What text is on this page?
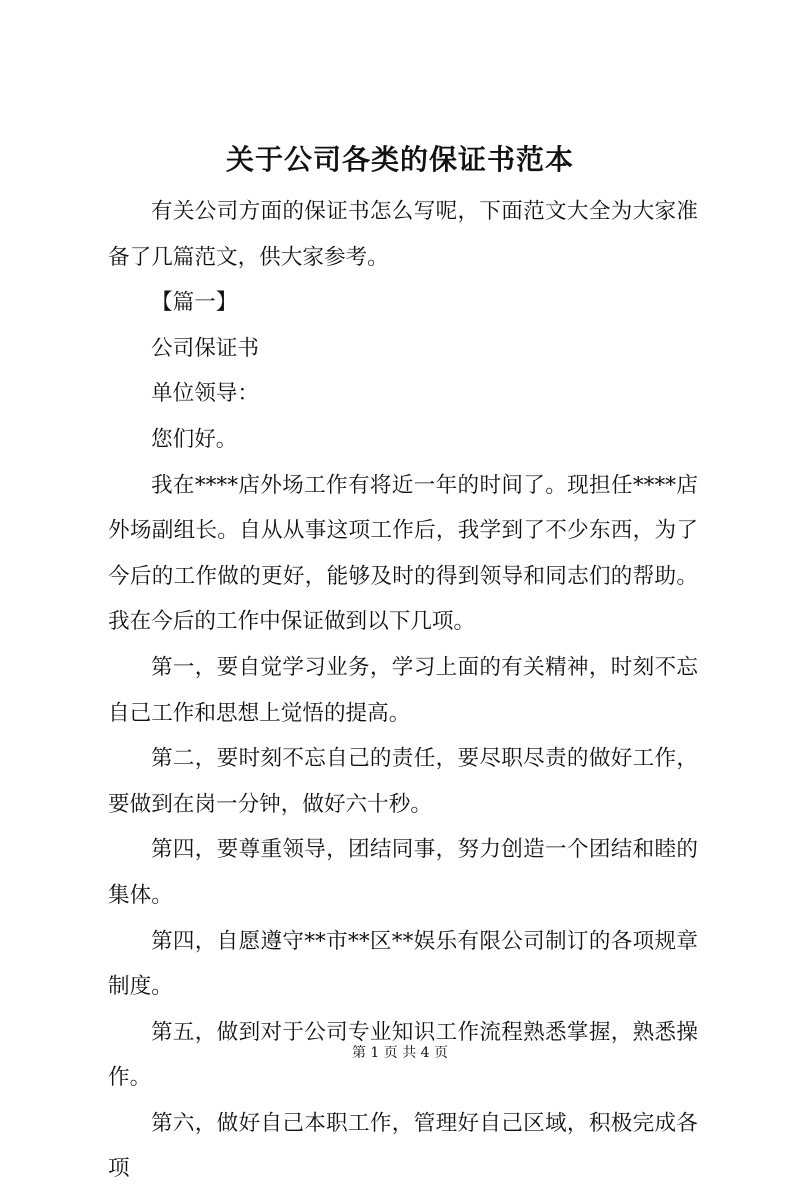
关于公司各类的保证书范本

有关公司方面的保证书怎么写呢，下面范文大全为大家准备了几篇范文，供大家参考。

【篇一】

公司保证书

单位领导：

您们好。

我在****店外场工作有将近一年的时间了。现担任****店外场副组长。自从从事这项工作后，我学到了不少东西，为了今后的工作做的更好，能够及时的得到领导和同志们的帮助。我在今后的工作中保证做到以下几项。

第一，要自觉学习业务，学习上面的有关精神，时刻不忘自己工作和思想上觉悟的提高。

第二，要时刻不忘自己的责任，要尽职尽责的做好工作，要做到在岗一分钟，做好六十秒。

第四，要尊重领导，团结同事，努力创造一个团结和睦的集体。

第四，自愿遵守**市**区**娱乐有限公司制订的各项规章制度。

第五，做到对于公司专业知识工作流程熟悉掌握，熟悉操作。

第六，做好自己本职工作，管理好自己区域，积极完成各项

第 1 页 共 4 页
